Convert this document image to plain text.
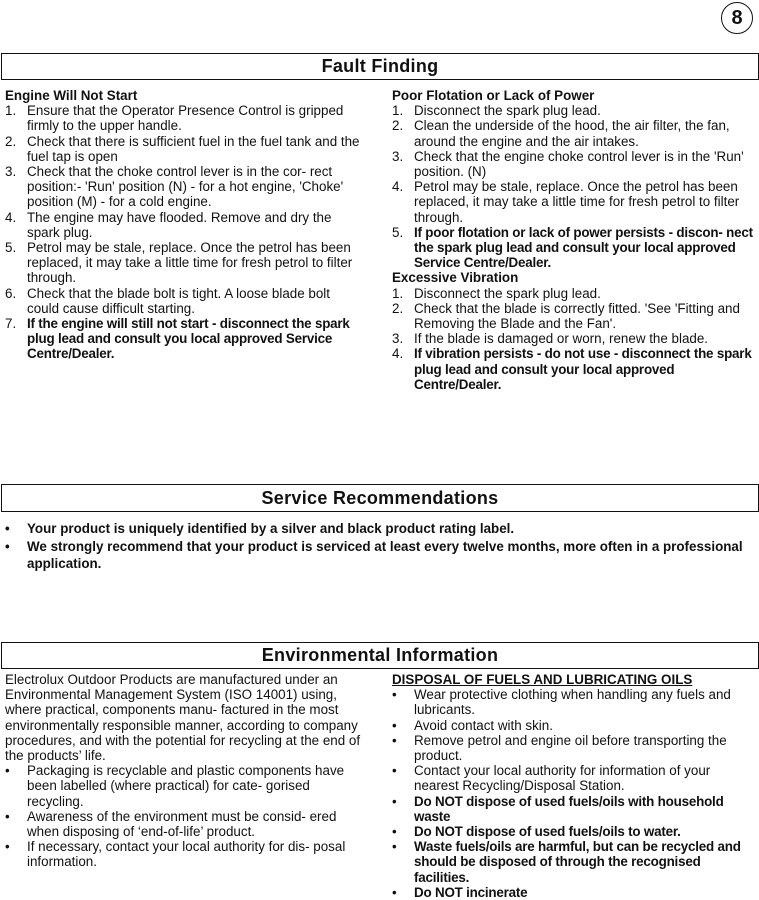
8
Fault Finding
Engine Will Not Start
1. Ensure that the Operator Presence Control is gripped firmly to the upper handle.
2. Check that there is sufficient fuel in the fuel tank and the fuel tap is open
3. Check that the choke control lever is in the cor- rect position:- 'Run' position (N) - for a hot engine, 'Choke' position (M) - for a cold engine.
4. The engine may have flooded. Remove and dry the spark plug.
5. Petrol may be stale, replace. Once the petrol has been replaced, it may take a little time for fresh petrol to filter through.
6. Check that the blade bolt is tight. A loose blade bolt could cause difficult starting.
7. If the engine will still not start - disconnect the spark plug lead and consult you local approved Service Centre/Dealer.
Poor Flotation or Lack of Power
1. Disconnect the spark plug lead.
2. Clean the underside of the hood, the air filter, the fan, around the engine and the air intakes.
3. Check that the engine choke control lever is in the 'Run' position. (N)
4. Petrol may be stale, replace. Once the petrol has been replaced, it may take a little time for fresh petrol to filter through.
5. If poor flotation or lack of power persists - discon- nect the spark plug lead and consult your local approved Service Centre/Dealer.
Excessive Vibration
1. Disconnect the spark plug lead.
2. Check that the blade is correctly fitted. 'See 'Fitting and Removing the Blade and the Fan'.
3. If the blade is damaged or worn, renew the blade.
4. If vibration persists - do not use - disconnect the spark plug lead and consult your local approved Centre/Dealer.
Service Recommendations
•	Your product is uniquely identified by a silver and black product rating label.
•	We strongly recommend that your product is serviced at least every twelve months, more often in a professional application.
Environmental Information
Electrolux Outdoor Products are manufactured under an Environmental Management System (ISO 14001) using, where practical, components manu- factured in the most environmentally responsible manner, according to company procedures, and with the potential for recycling at the end of the products’ life.
•	Packaging is recyclable and plastic components have been labelled (where practical) for cate- gorised recycling.
•	Awareness of the environment must be consid- ered when disposing of ‘end-of-life’ product.
•	If necessary, contact your local authority for dis- posal information.
DISPOSAL OF FUELS AND LUBRICATING OILS
•	Wear protective clothing when handling any fuels and lubricants.
•	Avoid contact with skin.
•	Remove petrol and engine oil before transporting the product.
•	Contact your local authority for information of your nearest Recycling/Disposal Station.
•	Do NOT dispose of used fuels/oils with household waste
•	Do NOT dispose of used fuels/oils to water.
•	Waste fuels/oils are harmful, but can be recycled and should be disposed of through the recognised facilities.
•	Do NOT incinerate
